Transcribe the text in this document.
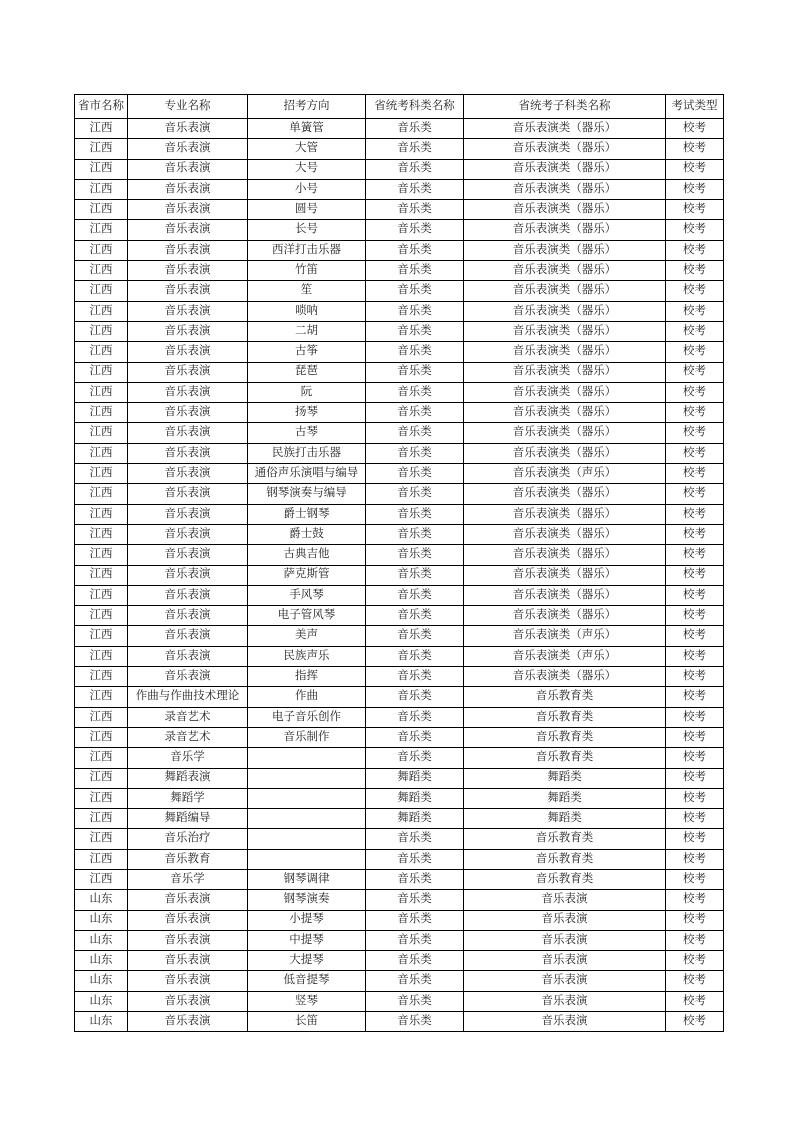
省市名称	专业名称	招考方向	省统考科类名称	省统考子科类名称	考试类型
江西	音乐表演	单簧管	音乐类	音乐表演类（器乐）	校考
江西	音乐表演	大管	音乐类	音乐表演类（器乐）	校考
江西	音乐表演	大号	音乐类	音乐表演类（器乐）	校考
江西	音乐表演	小号	音乐类	音乐表演类（器乐）	校考
江西	音乐表演	圆号	音乐类	音乐表演类（器乐）	校考
江西	音乐表演	长号	音乐类	音乐表演类（器乐）	校考
江西	音乐表演	西洋打击乐器	音乐类	音乐表演类（器乐）	校考
江西	音乐表演	竹笛	音乐类	音乐表演类（器乐）	校考
江西	音乐表演	笙	音乐类	音乐表演类（器乐）	校考
江西	音乐表演	唢呐	音乐类	音乐表演类（器乐）	校考
江西	音乐表演	二胡	音乐类	音乐表演类（器乐）	校考
江西	音乐表演	古筝	音乐类	音乐表演类（器乐）	校考
江西	音乐表演	琵琶	音乐类	音乐表演类（器乐）	校考
江西	音乐表演	阮	音乐类	音乐表演类（器乐）	校考
江西	音乐表演	扬琴	音乐类	音乐表演类（器乐）	校考
江西	音乐表演	古琴	音乐类	音乐表演类（器乐）	校考
江西	音乐表演	民族打击乐器	音乐类	音乐表演类（器乐）	校考
江西	音乐表演	通俗声乐演唱与编导	音乐类	音乐表演类（声乐）	校考
江西	音乐表演	钢琴演奏与编导	音乐类	音乐表演类（器乐）	校考
江西	音乐表演	爵士钢琴	音乐类	音乐表演类（器乐）	校考
江西	音乐表演	爵士鼓	音乐类	音乐表演类（器乐）	校考
江西	音乐表演	古典吉他	音乐类	音乐表演类（器乐）	校考
江西	音乐表演	萨克斯管	音乐类	音乐表演类（器乐）	校考
江西	音乐表演	手风琴	音乐类	音乐表演类（器乐）	校考
江西	音乐表演	电子管风琴	音乐类	音乐表演类（器乐）	校考
江西	音乐表演	美声	音乐类	音乐表演类（声乐）	校考
江西	音乐表演	民族声乐	音乐类	音乐表演类（声乐）	校考
江西	音乐表演	指挥	音乐类	音乐表演类（器乐）	校考
江西	作曲与作曲技术理论	作曲	音乐类	音乐教育类	校考
江西	录音艺术	电子音乐创作	音乐类	音乐教育类	校考
江西	录音艺术	音乐制作	音乐类	音乐教育类	校考
江西	音乐学		音乐类	音乐教育类	校考
江西	舞蹈表演		舞蹈类	舞蹈类	校考
江西	舞蹈学		舞蹈类	舞蹈类	校考
江西	舞蹈编导		舞蹈类	舞蹈类	校考
江西	音乐治疗		音乐类	音乐教育类	校考
江西	音乐教育		音乐类	音乐教育类	校考
江西	音乐学	钢琴调律	音乐类	音乐教育类	校考
山东	音乐表演	钢琴演奏	音乐类	音乐表演	校考
山东	音乐表演	小提琴	音乐类	音乐表演	校考
山东	音乐表演	中提琴	音乐类	音乐表演	校考
山东	音乐表演	大提琴	音乐类	音乐表演	校考
山东	音乐表演	低音提琴	音乐类	音乐表演	校考
山东	音乐表演	竖琴	音乐类	音乐表演	校考
山东	音乐表演	长笛	音乐类	音乐表演	校考
